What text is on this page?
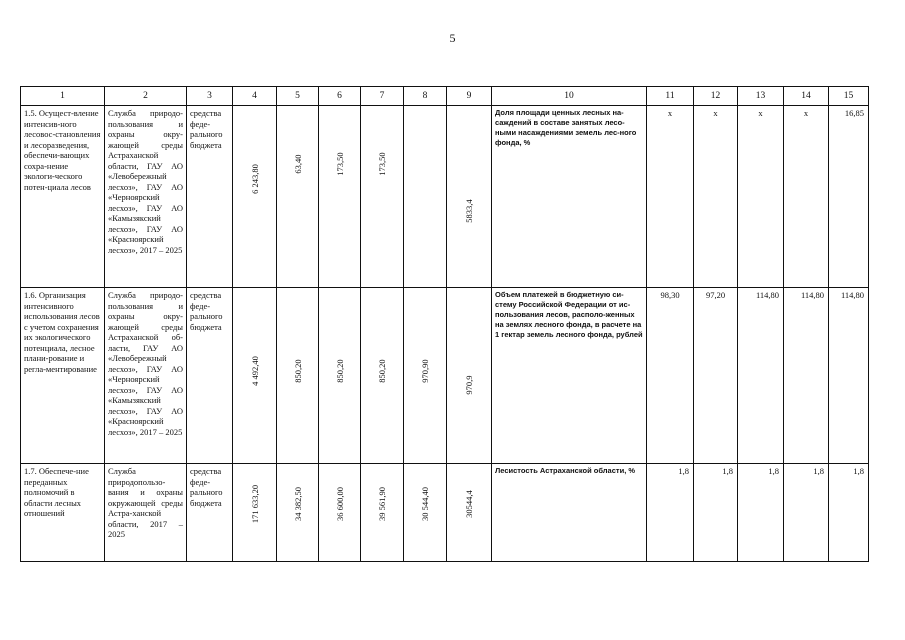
5
1	2	3	4	5	6	7	8	9	10	11	12	13	14	15
1.5. Осущест-вление интенсив-ного лесовос-становления и лесоразведения, обеспечи-вающих сохра-нение экологи-ческого потен-циала лесов	Служба природо-пользования и охраны окру-жающей среды Астраханской области, ГАУ АО «Левобережный лесхоз», ГАУ АО «Черноярский лесхоз», ГАУ АО «Камызякский лесхоз», ГАУ АО «Красноярский лесхоз», 2017 – 2025	средства феде-рального бюджета	6 243,80	63,40	173,50	173,50		5833,4	Доля площади ценных лесных на-саждений в составе занятых лесо-ными насаждениями земель лес-ного фонда, %	x	x	x	x	16,85
1.6. Организация интенсивного использования лесов с учетом сохранения их экологического потенциала, лесное плани-рование и регла-ментирование	Служба природо-пользования и охраны окру-жающей среды Астраханской об-ласти, ГАУ АО «Левобережный лесхоз», ГАУ АО «Черноярский лесхоз», ГАУ АО «Камызякский лесхоз», ГАУ АО «Красноярский лесхоз», 2017 – 2025	средства феде-рального бюджета	4 492,40	850,20	850,20	850,20	970,90	970,9	Объем платежей в бюджетную си-стему Российской Федерации от ис-пользования лесов, располо-женных на землях лесного фонда, в расчете на 1 гектар земель лесного фонда, рублей	98,30	97,20	114,80	114,80	114,80
1.7. Обеспече-ние переданных полномочий в области лесных отношений	Служба природопользо-вания и охраны окружающей среды Астра-ханской области, 2017 – 2025	средства феде-рального бюджета	171 633,20	34 382,50	36 600,00	39 561,90	30 544,40	30544,4	Лесистость Астраханской области, %	1,8	1,8	1,8	1,8	1,8
